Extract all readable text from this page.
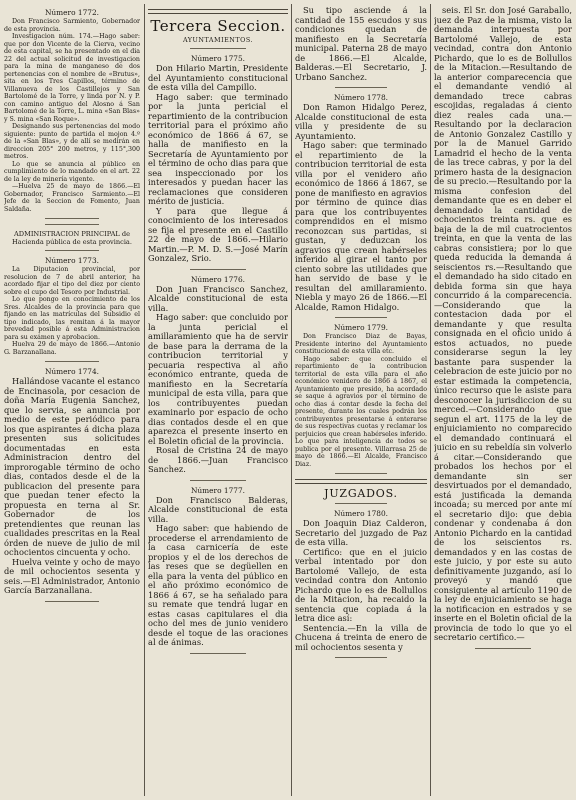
Número 1772.

Don Francisco Sarmiento, Gobernador de esta provincia.

Investigacion núm. 174.—Hago saber: que por don Vicente de la Cierva, vecino de esta capital, se ha presentado en el dia 22 del actual solicitud de investigacion para la mina de manganeso de dos pertenencias con el nombre de «Brutus», sita en los Tres Capillos, término de Villanueva de los Castillejos y San Bartolomé de la Torre, y linda por N. y P. con camino antiguo del Alosno á San Bartolomé de la Torre, L. mina «San Blas» y S. mina «San Roque».

Designando sus pertenencias del modo siguiente: punto de partida el mojon 4.º de la «San Blas», y de allí se medirán en direccion 205° 200 metros, y 115°,300 metros.

Lo que se anuncia al público en cumplimiento de lo mandado en el art. 22 de la ley de minería vigente.

—Huelva 25 de mayo de 1866.—El Gobernador, Francisco Sarmiento.—El Jefe de la Seccion de Fomento, Juan Saldaña.

ADMINISTRACION PRINCIPAL de Hacienda pública de esta provincia.
Número 1773.

La Diputacion provincial, por resolucion de 7 de abril anterior, ha acordado fijar el tipo del diez por ciento sobre el cupo del Tesoro por Industrial.

Lo que pongo en conocimiento de los Sres. Alcaldes de la provincia para que fijando en las matrículas del Subsidio el tipo indicado, las remitan á la mayor brevedad posible á esta Administracion para su exámen y aprobacion.

Huelva 29 de mayo de 1866.—Antonio G. Barzanallana.

Número 1774.

Hallándose vacante el estanco de Encinasola, por cesacion de doña María Eugenia Sanchez, que lo servia, se anuncia por medio de este periódico para los que aspirantes á dicha plaza presenten sus solicitudes documentadas en esta Administracion dentro del improrogable término de ocho dias, contados desde el de la publicacion del presente para que puedan tener efecto la propuesta en terna al Sr. Gobernador de los pretendientes que reunan las cualidades prescritas en la Real órden de nueve de julio de mil ochocientos cincuenta y ocho.

Huelva veinte y ocho de mayo de mil ochocientos sesenta y seis.—El Administrador, Antonio García Barzanallana.

Tercera Seccion.
AYUNTAMIENTOS.
Número 1775.

Don Hilario Martin, Presidente del Ayuntamiento constitucional de esta villa del Campillo.

Hago saber: que terminado por la junta pericial el repartimiento de la contribucion territorial para el próximo año económico de 1866 á 67, se halla de manifiesto en la Secretaría de Ayuntamiento por el término de ocho dias para que sea inspeccionado por los interesados y puedan hacer las reclamaciones que consideren mérito de justicia.

Y para que llegue á conocimiento de los interesados se fija el presente en el Castillo 22 de mayo de 1866.—Hilario Martin.—P. M. D. S.—José Marín Gonzalez, Srio.

Número 1776.

Don Juan Francisco Sanchez, Alcalde constitucional de esta villa.

Hago saber: que concluido por la junta pericial el amillaramiento que ha de servir de base para la derrama de la contribucion territorial y pecuaria respectiva al año económico entrante, queda de manifiesto en la Secretaría municipal de esta villa, para que los contribuyentes puedan examinarlo por espacio de ocho dias contados desde el en que aparezca el presente inserto en el Boletin oficial de la provincia.

Rosal de Cristina 24 de mayo de 1866.—Juan Francisco Sanchez.

Número 1777.

Don Francisco Balderas, Alcalde constitucional de esta villa.

Hago saber: que habiendo de procederse el arrendamiento de la casa carnicería de este propios y el de los derechos de las reses que se degüellen en ella para la venta del público en el año próximo económico de 1866 á 67, se ha señalado para su remate que tendrá lugar en estas casas capitulares el dia ocho del mes de junio venidero desde el toque de las oraciones al de ánimas.

Su tipo asciende á la cantidad de 155 escudos y sus condiciones quedan de manifiesto en la Secretaría municipal. Paterna 28 de mayo de 1866.—El Alcalde, Balderas.—El Secretario, J. Urbano Sanchez.

Número 1778.

Don Ramon Hidalgo Perez, Alcalde constitucional de esta villa y presidente de su Ayuntamiento.

Hago saber: que terminado el repartimiento de la contribucion territorial de esta villa por el venidero año económico de 1866 á 1867, se pone de manifiesto en agravios por término de quince dias para que los contribuyentes comprendidos en el mismo reconozcan sus partidas, si gustan, y deduzcan los agravios que crean habérseles inferido al girar el tanto por ciento sobre las utilidades que han servido de base y le resultan del amillaramiento. Niebla y mayo 26 de 1866.—El Alcalde, Ramon Hidalgo.

Número 1779.

Don Francisco Diaz de Bayas, Presidente interino del Ayuntamiento constitucional de esta villa etc.

Hago saber: que concluido el repartimiento de la contribucion territorial de esta villa para el año económico venidero de 1866 á 1867, el Ayuntamiento que presido, ha acordado se saque á agravios por el término de ocho dias á contar desde la fecha del presente, durante los cuales podrán los contribuyentes presentarse á enterarse de sus respectivas cuotas y reclamar los perjuicios que crean habérseles inferido. Lo que para inteligencia de todos se publica por el presente. Villarrasa 25 de mayo de 1866.—El Alcalde, Francisco Diaz.

JUZGADOS.
Número 1780.

Don Joaquin Diaz Calderon, Secretario del juzgado de Paz de esta villa.

Certifico: que en el juicio verbal intentado por don Bartolomé Vallejo, de esta vecindad contra don Antonio Pichardo que lo es de Bollullos de la Mitacion, ha recaido la sentencia que copiada á la letra dice así:

Sentencia.—En la villa de Chucena á treinta de enero de mil ochocientos sesenta y

seis. El Sr. don José Garaballo, juez de Paz de la misma, visto la demanda interpuesta por Bartolomé Vallejo, de esta vecindad, contra don Antonio Pichardo, que lo es de Bollullos de la Mitacion.—Resultando de la anterior comparecencia que el demandante vendió al demandado trece cabras escojidas, regaladas á ciento diez reales cada una.—Resultando por la declaracion de Antonio Gonzalez Castillo y por la de Manuel Garrido Lamadrid el hecho de la venta de las trece cabras, y por la del primero hasta de la designacion de su precio.—Resultando por la misma confesion del demandante que es en deber el demandado la cantidad de ochocientos treinta rs. que es baja de la de mil cuatrocientos treinta, en que la venta de las cabras consistiera; por lo que queda reducida la demanda á seiscientos rs.—Resultando que el demandado ha sido citado en debida forma sin que haya concurrido á la comparecencia.—Considerando que la contestacion dada por el demandante y que resulta consignada en el oficio unido á estos actuados, no puede considerarse segun la ley bastante para suspender la celebracion de este juicio por no estar estimada la competencia, único recurso que le asiste para desconocer la jurisdiccion de su merced.—Considerando que segun el art. 1175 de la ley de enjuiciamiento no comparecido el demandado continuará el juicio en su rebeldía sin volverlo á citar.—Considerando que probados los hechos por el demandante sin ser desvirtuados por el demandado, está justificada la demanda incoada; su merced por ante mí el secretario dijo: que debia condenar y condenaba á don Antonio Pichardo en la cantidad de los seiscientos rs. demandados y en las costas de este juicio, y por este su auto definitivamente juzgando, así lo proveyó y mandó que consiguiente al artículo 1190 de la ley de enjuiciamiento se haga la notificacion en estrados y se inserte en el Boletin oficial de la provincia de todo lo que yo el secretario certifico.—
